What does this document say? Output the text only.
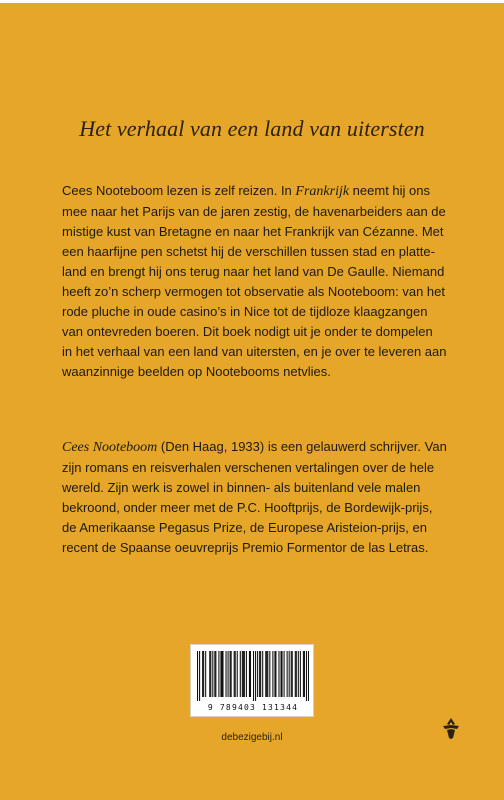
Het verhaal van een land van uitersten
Cees Nooteboom lezen is zelf reizen. In Frankrijk neemt hij ons
mee naar het Parijs van de jaren zestig, de havenarbeiders aan de
mistige kust van Bretagne en naar het Frankrijk van Cézanne. Met
een haarfijne pen schetst hij de verschillen tussen stad en platte-
land en brengt hij ons terug naar het land van De Gaulle. Niemand
heeft zo’n scherp vermogen tot observatie als Nooteboom: van het
rode pluche in oude casino’s in Nice tot de tijdloze klaagzangen
van ontevreden boeren. Dit boek nodigt uit je onder te dompelen
in het verhaal van een land van uitersten, en je over te leveren aan
waanzinnige beelden op Nootebooms netvlies.
Cees Nooteboom (Den Haag, 1933) is een gelauwerd schrijver. Van
zijn romans en reisverhalen verschenen vertalingen over de hele
wereld. Zijn werk is zowel in binnen- als buitenland vele malen
bekroond, onder meer met de P.C. Hooftprijs, de Bordewijk-prijs,
de Amerikaanse Pegasus Prize, de Europese Aristeion-prijs, en
recent de Spaanse oeuvreprijs Premio Formentor de las Letras.
9 789403 131344
debezigebij.nl
